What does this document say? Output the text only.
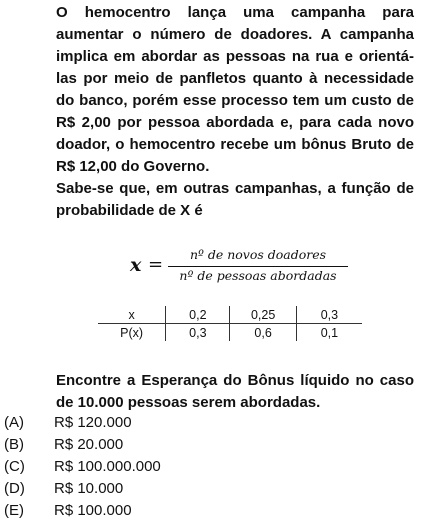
O hemocentro lança uma campanha para aumentar o número de doadores. A campanha implica em abordar as pessoas na rua e orientá-las por meio de panfletos quanto à necessidade do banco, porém esse processo tem um custo de R$ 2,00 por pessoa abordada e, para cada novo doador, o hemocentro recebe um bônus Bruto de R$ 12,00 do Governo.

Sabe-se que, em outras campanhas, a função de probabilidade de X é

x =	nº de novos doadores
nº de pessoas abordadas
x	0,2	0,25	0,3
P(x)	0,3	0,6	0,1
Encontre a Esperança do Bônus líquido no caso de 10.000 pessoas serem abordadas.
(A) R$ 120.000
(B) R$ 20.000
(C) R$ 100.000.000
(D) R$ 10.000
(E) R$ 100.000
